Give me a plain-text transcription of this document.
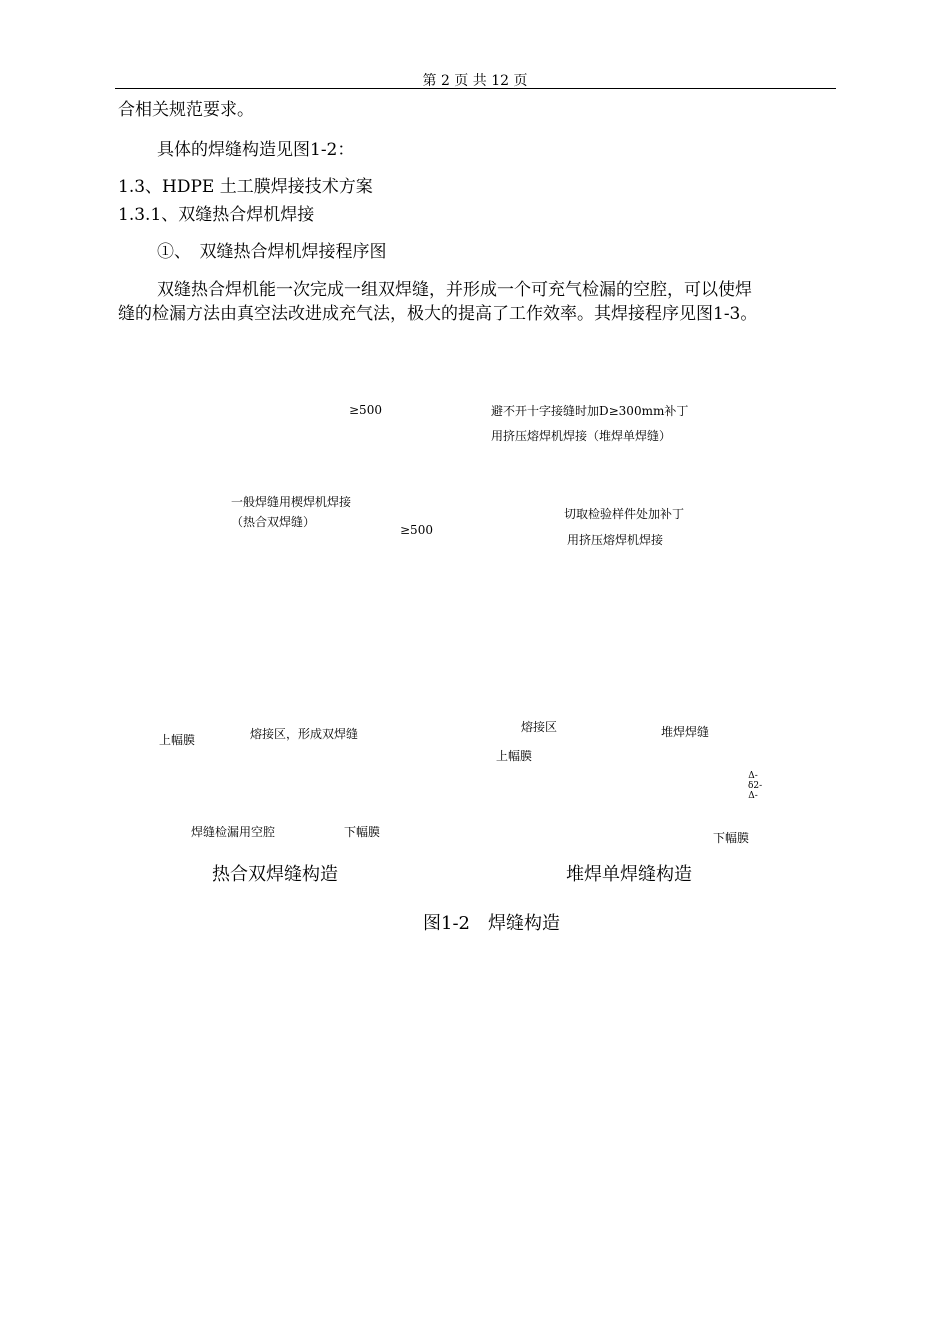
第 2 页 共 12 页
合相关规范要求。
具体的焊缝构造见图1-2：
1.3、HDPE 土工膜焊接技术方案
1.3.1、双缝热合焊机焊接
①、　双缝热合焊机焊接程序图
双缝热合焊机能一次完成一组双焊缝，并形成一个可充气检漏的空腔，可以使焊
缝的检漏方法由真空法改进成充气法，极大的提高了工作效率。其焊接程序见图1-3。
≥500	避不开十字接缝时加D≥300mm补丁
用挤压熔焊机焊接（堆焊单焊缝）
一般焊缝用楔焊机焊接
（热合双焊缝）
≥500
切取检验样件处加补丁
用挤压熔焊机焊接
上幅膜	熔接区，形成双焊缝
焊缝检漏用空腔	下幅膜
熔接区	堆焊焊缝
上幅膜
Δ-δ2-Δ-
下幅膜
热合双焊缝构造	堆焊单焊缝构造
图1-2　焊缝构造
